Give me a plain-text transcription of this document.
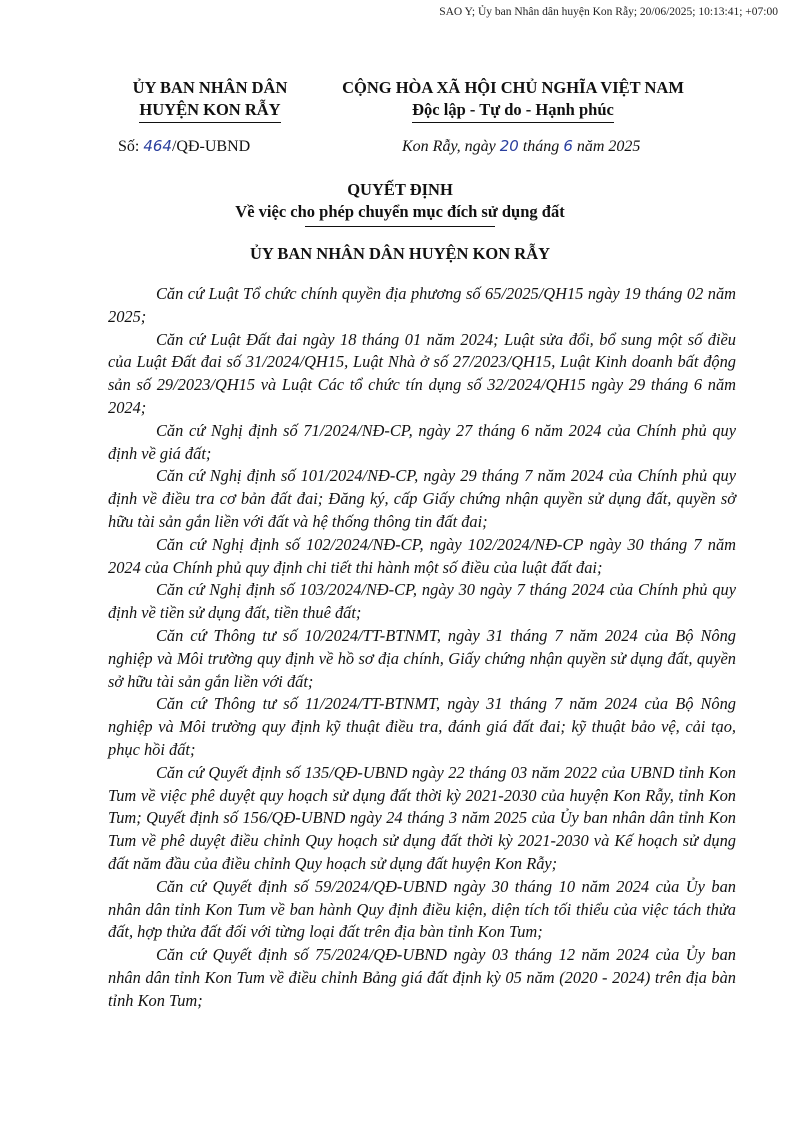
SAO Y; Ủy ban Nhân dân huyện Kon Rẫy; 20/06/2025; 10:13:41; +07:00
ỦY BAN NHÂN DÂN
HUYỆN KON RẪY
CỘNG HÒA XÃ HỘI CHỦ NGHĨA VIỆT NAM
Độc lập - Tự do - Hạnh phúc
Số: 464/QĐ-UBND	Kon Rẫy, ngày 20 tháng 6 năm 2025
QUYẾT ĐỊNH
Về việc cho phép chuyển mục đích sử dụng đất
ỦY BAN NHÂN DÂN HUYỆN KON RẪY

Căn cứ Luật Tổ chức chính quyền địa phương số 65/2025/QH15 ngày 19 tháng 02 năm 2025;

Căn cứ Luật Đất đai ngày 18 tháng 01 năm 2024; Luật sửa đổi, bổ sung một số điều của Luật Đất đai số 31/2024/QH15, Luật Nhà ở số 27/2023/QH15, Luật Kinh doanh bất động sản số 29/2023/QH15 và Luật Các tổ chức tín dụng số 32/2024/QH15 ngày 29 tháng 6 năm 2024;

Căn cứ Nghị định số 71/2024/NĐ-CP, ngày 27 tháng 6 năm 2024 của Chính phủ quy định về giá đất;

Căn cứ Nghị định số 101/2024/NĐ-CP, ngày 29 tháng 7 năm 2024 của Chính phủ quy định về điều tra cơ bản đất đai; Đăng ký, cấp Giấy chứng nhận quyền sử dụng đất, quyền sở hữu tài sản gắn liền với đất và hệ thống thông tin đất đai;

Căn cứ Nghị định số 102/2024/NĐ-CP, ngày 102/2024/NĐ-CP ngày 30 tháng 7 năm 2024 của Chính phủ quy định chi tiết thi hành một số điều của luật đất đai;

Căn cứ Nghị định số 103/2024/NĐ-CP, ngày 30 ngày 7 tháng 2024 của Chính phủ quy định về tiền sử dụng đất, tiền thuê đất;

Căn cứ Thông tư số 10/2024/TT-BTNMT, ngày 31 tháng 7 năm 2024 của Bộ Nông nghiệp và Môi trường quy định về hồ sơ địa chính, Giấy chứng nhận quyền sử dụng đất, quyền sở hữu tài sản gắn liền với đất;

Căn cứ Thông tư số 11/2024/TT-BTNMT, ngày 31 tháng 7 năm 2024 của Bộ Nông nghiệp và Môi trường quy định kỹ thuật điều tra, đánh giá đất đai; kỹ thuật bảo vệ, cải tạo, phục hồi đất;

Căn cứ Quyết định số 135/QĐ-UBND ngày 22 tháng 03 năm 2022 của UBND tỉnh Kon Tum về việc phê duyệt quy hoạch sử dụng đất thời kỳ 2021-2030 của huyện Kon Rẫy, tỉnh Kon Tum; Quyết định số 156/QĐ-UBND ngày 24 tháng 3 năm 2025 của Ủy ban nhân dân tỉnh Kon Tum về phê duyệt điều chỉnh Quy hoạch sử dụng đất thời kỳ 2021-2030 và Kế hoạch sử dụng đất năm đầu của điều chỉnh Quy hoạch sử dụng đất huyện Kon Rẫy;

Căn cứ Quyết định số 59/2024/QĐ-UBND ngày 30 tháng 10 năm 2024 của Ủy ban nhân dân tỉnh Kon Tum về ban hành Quy định điều kiện, diện tích tối thiểu của việc tách thửa đất, hợp thửa đất đối với từng loại đất trên địa bàn tỉnh Kon Tum;

Căn cứ Quyết định số 75/2024/QĐ-UBND ngày 03 tháng 12 năm 2024 của Ủy ban nhân dân tỉnh Kon Tum về điều chỉnh Bảng giá đất định kỳ 05 năm (2020 - 2024) trên địa bàn tỉnh Kon Tum;
